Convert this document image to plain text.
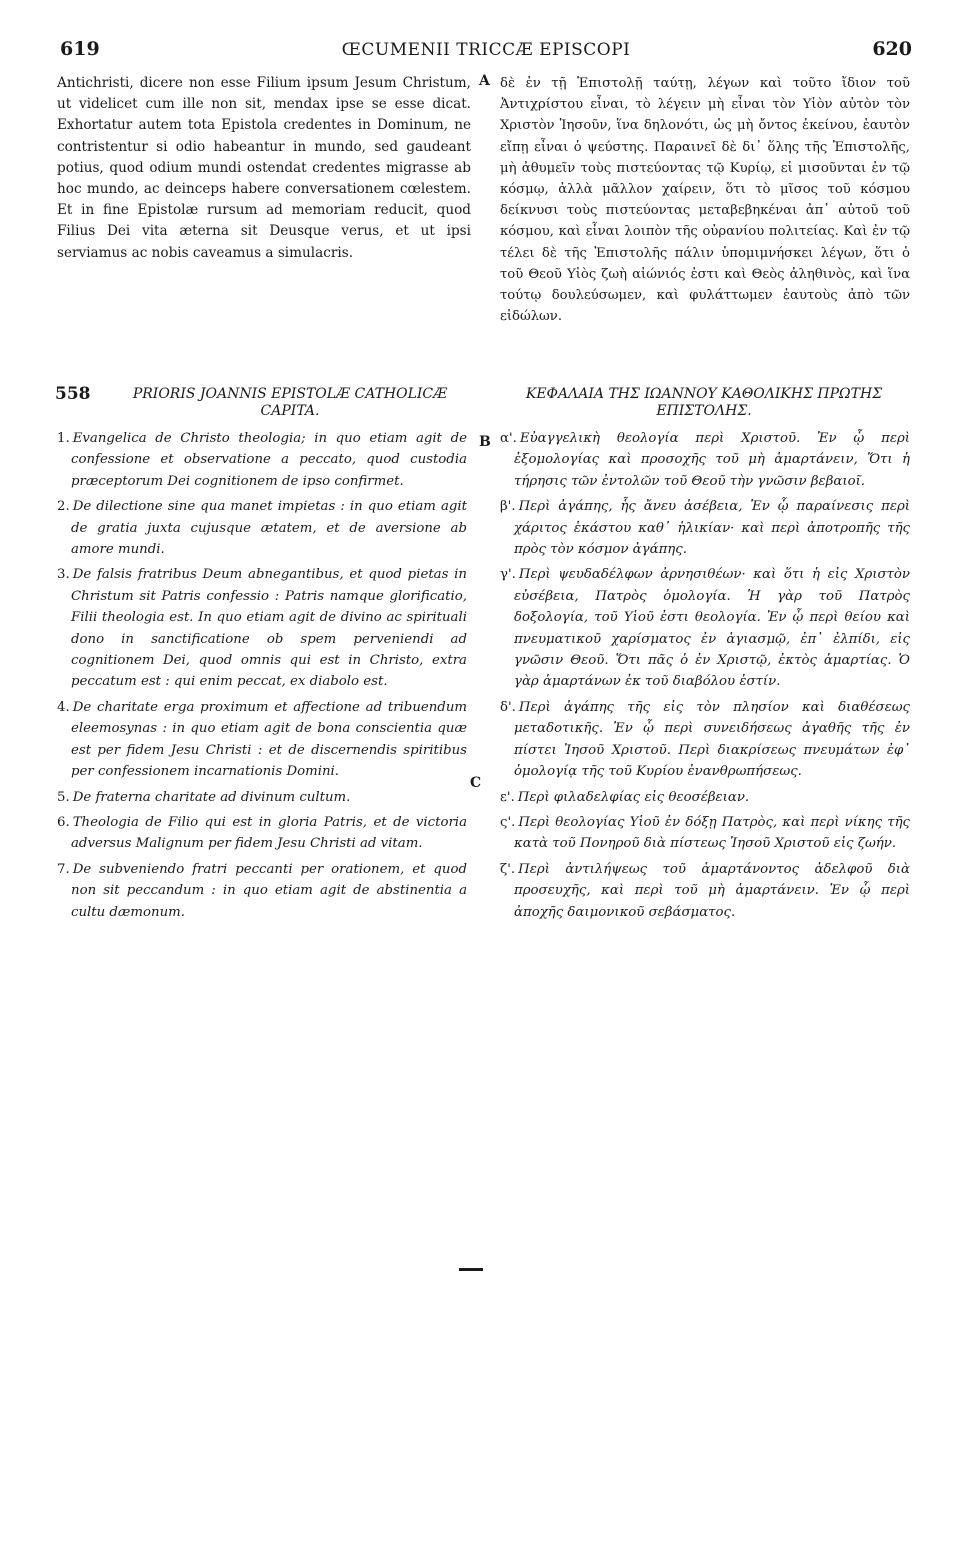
619	ŒCUMENII TRICCÆ EPISCOPI	620
A
B
C
Antichristi, dicere non esse Filium ipsum Jesum Christum, ut videlicet cum ille non sit, mendax ipse se esse dicat. Exhortatur autem tota Epistola credentes in Dominum, ne contristentur si odio habeantur in mundo, sed gaudeant potius, quod odium mundi ostendat credentes migrasse ab hoc mundo, ac deinceps habere conversationem cœlestem. Et in fine Epistolæ rursum ad memoriam reducit, quod Filius Dei vita æterna sit Deusque verus, et ut ipsi serviamus ac nobis caveamus a simulacris.
δὲ ἐν τῇ Ἐπιστολῇ ταύτῃ, λέγων καὶ τοῦτο ἴδιον τοῦ Ἀντιχρίστου εἶναι, τὸ λέγειν μὴ εἶναι τὸν Υἱὸν αὐτὸν τὸν Χριστὸν Ἰησοῦν, ἵνα δηλονότι, ὡς μὴ ὄντος ἐκείνου, ἑαυτὸν εἴπῃ εἶναι ὁ ψεύστης. Παραινεῖ δὲ δι᾿ ὅλης τῆς Ἐπιστολῆς, μὴ ἀθυμεῖν τοὺς πιστεύοντας τῷ Κυρίῳ, εἰ μισοῦνται ἐν τῷ κόσμῳ, ἀλλὰ μᾶλλον χαίρειν, ὅτι τὸ μῖσος τοῦ κόσμου δείκνυσι τοὺς πιστεύοντας μεταβεβηκέναι ἀπ᾿ αὐτοῦ τοῦ κόσμου, καὶ εἶναι λοιπὸν τῆς οὐρανίου πολιτείας. Καὶ ἐν τῷ τέλει δὲ τῆς Ἐπιστολῆς πάλιν ὑπομιμνήσκει λέγων, ὅτι ὁ τοῦ Θεοῦ Υἱὸς ζωὴ αἰώνιός ἐστι καὶ Θεὸς ἀληθινὸς, καὶ ἵνα τούτῳ δουλεύσωμεν, καὶ φυλάττωμεν ἑαυτοὺς ἀπὸ τῶν εἰδώλων.
558	PRIORIS JOANNIS EPISTOLÆ CATHOLICÆ CAPITA.
ΚΕΦΑΛΑΙΑ ΤΗΣ ΙΩΑΝΝΟΥ ΚΑΘΟΛΙΚΗΣ ΠΡΩΤΗΣ ΕΠΙΣΤΟΛΗΣ.

1. Evangelica de Christo theologia; in quo etiam agit de confessione et observatione a peccato, quod custodia præceptorum Dei cognitionem de ipso confirmet.

2. De dilectione sine qua manet impietas : in quo etiam agit de gratia juxta cujusque ætatem, et de aversione ab amore mundi.

3. De falsis fratribus Deum abnegantibus, et quod pietas in Christum sit Patris confessio : Patris namque glorificatio, Filii theologia est. In quo etiam agit de divino ac spirituali dono in sanctificatione ob spem perveniendi ad cognitionem Dei, quod omnis qui est in Christo, extra peccatum est : qui enim peccat, ex diabolo est.

4. De charitate erga proximum et affectione ad tribuendum eleemosynas : in quo etiam agit de bona conscientia quæ est per fidem Jesu Christi : et de discernendis spiritibus per confessionem incarnationis Domini.

5. De fraterna charitate ad divinum cultum.

6. Theologia de Filio qui est in gloria Patris, et de victoria adversus Malignum per fidem Jesu Christi ad vitam.

7. De subveniendo fratri peccanti per orationem, et quod non sit peccandum : in quo etiam agit de abstinentia a cultu dæmonum.

α'. Εὐαγγελικὴ θεολογία περὶ Χριστοῦ. Ἐν ᾧ περὶ ἐξομολογίας καὶ προσοχῆς τοῦ μὴ ἁμαρτάνειν, Ὅτι ἡ τήρησις τῶν ἐντολῶν τοῦ Θεοῦ τὴν γνῶσιν βεβαιοῖ.

β'. Περὶ ἀγάπης, ἧς ἄνευ ἀσέβεια, Ἐν ᾧ παραίνεσις περὶ χάριτος ἑκάστου καθ᾿ ἡλικίαν· καὶ περὶ ἀποτροπῆς τῆς πρὸς τὸν κόσμον ἀγάπης.

γ'. Περὶ ψευδαδέλφων ἀρνησιθέων· καὶ ὅτι ἡ εἰς Χριστὸν εὐσέβεια, Πατρὸς ὁμολογία. Ἡ γὰρ τοῦ Πατρὸς δοξολογία, τοῦ Υἱοῦ ἐστι θεολογία. Ἐν ᾧ περὶ θείου καὶ πνευματικοῦ χαρίσματος ἐν ἁγιασμῷ, ἐπ᾿ ἐλπίδι, εἰς γνῶσιν Θεοῦ. Ὅτι πᾶς ὁ ἐν Χριστῷ, ἐκτὸς ἁμαρτίας. Ὁ γὰρ ἁμαρτάνων ἐκ τοῦ διαβόλου ἐστίν.

δ'. Περὶ ἀγάπης τῆς εἰς τὸν πλησίον καὶ διαθέσεως μεταδοτικῆς. Ἐν ᾧ περὶ συνειδήσεως ἀγαθῆς τῆς ἐν πίστει Ἰησοῦ Χριστοῦ. Περὶ διακρίσεως πνευμάτων ἐφ᾿ ὁμολογίᾳ τῆς τοῦ Κυρίου ἐνανθρωπήσεως.

ε'. Περὶ φιλαδελφίας εἰς θεοσέβειαν.

ς'. Περὶ θεολογίας Υἱοῦ ἐν δόξῃ Πατρὸς, καὶ περὶ νίκης τῆς κατὰ τοῦ Πονηροῦ διὰ πίστεως Ἰησοῦ Χριστοῦ εἰς ζωήν.

ζ'. Περὶ ἀντιλήψεως τοῦ ἁμαρτάνοντος ἀδελφοῦ διὰ προσευχῆς, καὶ περὶ τοῦ μὴ ἁμαρτάνειν. Ἐν ᾧ περὶ ἀποχῆς δαιμονικοῦ σεβάσματος.
